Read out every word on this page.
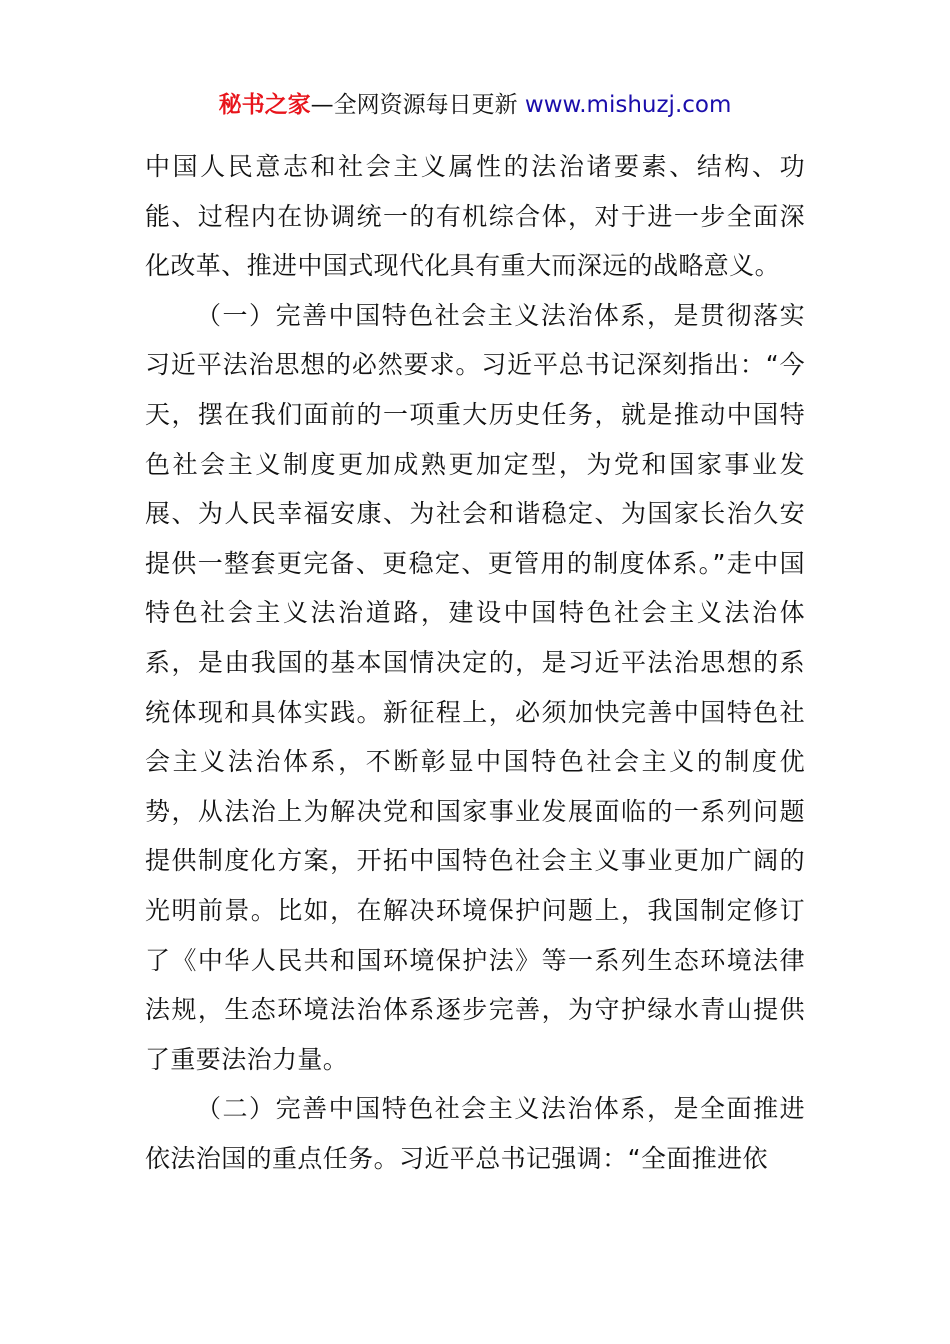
秘书之家—全网资源每日更新 www.mishuzj.com

中国人民意志和社会主义属性的法治诸要素、结构、功能、过程内在协调统一的有机综合体，对于进一步全面深化改革、推进中国式现代化具有重大而深远的战略意义。

（一）完善中国特色社会主义法治体系，是贯彻落实习近平法治思想的必然要求。习近平总书记深刻指出：“今天，摆在我们面前的一项重大历史任务，就是推动中国特色社会主义制度更加成熟更加定型，为党和国家事业发展、为人民幸福安康、为社会和谐稳定、为国家长治久安提供一整套更完备、更稳定、更管用的制度体系。”走中国特色社会主义法治道路，建设中国特色社会主义法治体系，是由我国的基本国情决定的，是习近平法治思想的系统体现和具体实践。新征程上，必须加快完善中国特色社会主义法治体系，不断彰显中国特色社会主义的制度优势，从法治上为解决党和国家事业发展面临的一系列问题提供制度化方案，开拓中国特色社会主义事业更加广阔的光明前景。比如，在解决环境保护问题上，我国制定修订了《中华人民共和国环境保护法》等一系列生态环境法律法规，生态环境法治体系逐步完善，为守护绿水青山提供了重要法治力量。

（二）完善中国特色社会主义法治体系，是全面推进依法治国的重点任务。习近平总书记强调：“全面推进依
